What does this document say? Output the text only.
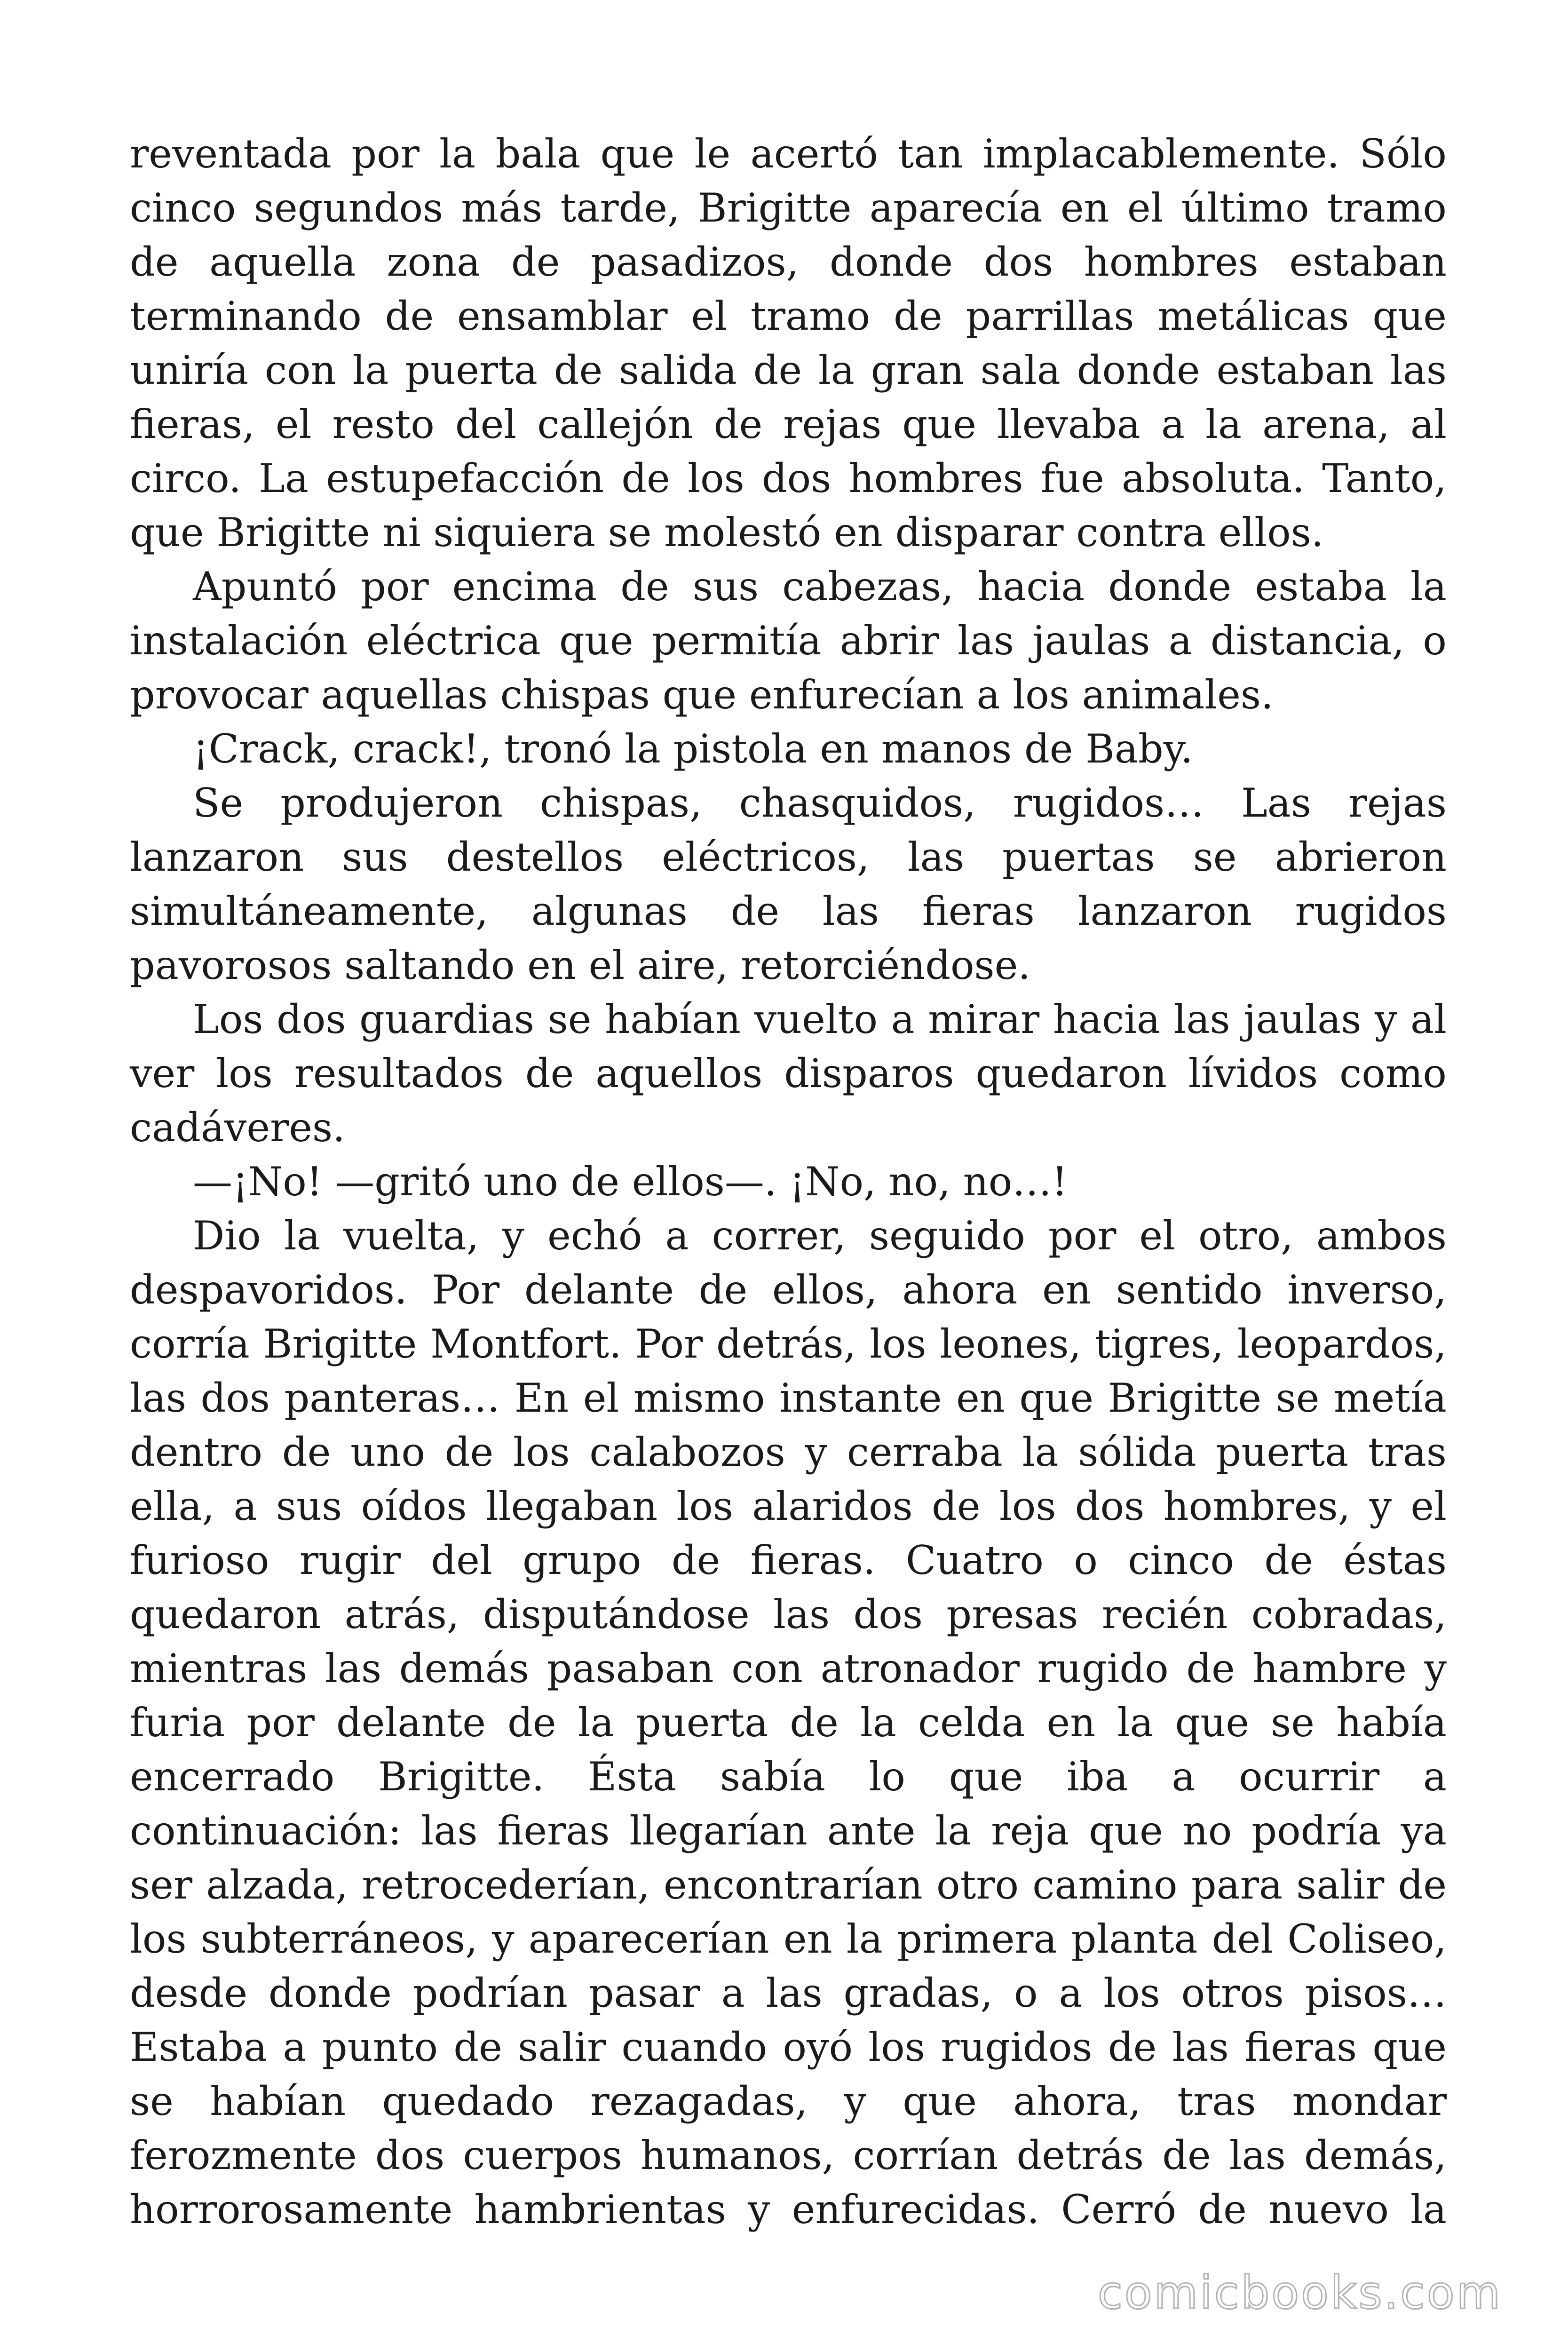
reventada por la bala que le acertó tan implacablemente. Sólo cinco segundos más tarde, Brigitte aparecía en el último tramo de aquella zona de pasadizos, donde dos hombres estaban terminando de ensamblar el tramo de parrillas metálicas que uniría con la puerta de salida de la gran sala donde estaban las fieras, el resto del callejón de rejas que llevaba a la arena, al circo. La estupefacción de los dos hombres fue absoluta. Tanto, que Brigitte ni siquiera se molestó en disparar contra ellos.

Apuntó por encima de sus cabezas, hacia donde estaba la instalación eléctrica que permitía abrir las jaulas a distancia, o provocar aquellas chispas que enfurecían a los animales.

¡Crack, crack!, tronó la pistola en manos de Baby.

Se produjeron chispas, chasquidos, rugidos… Las rejas lanzaron sus destellos eléctricos, las puertas se abrieron simultáneamente, algunas de las fieras lanzaron rugidos pavorosos saltando en el aire, retorciéndose.

Los dos guardias se habían vuelto a mirar hacia las jaulas y al ver los resultados de aquellos disparos quedaron lívidos como cadáveres.

—¡No! —gritó uno de ellos—. ¡No, no, no…!

Dio la vuelta, y echó a correr, seguido por el otro, ambos despavoridos. Por delante de ellos, ahora en sentido inverso, corría Brigitte Montfort. Por detrás, los leones, tigres, leopardos, las dos panteras… En el mismo instante en que Brigitte se metía dentro de uno de los calabozos y cerraba la sólida puerta tras ella, a sus oídos llegaban los alaridos de los dos hombres, y el furioso rugir del grupo de fieras. Cuatro o cinco de éstas quedaron atrás, disputándose las dos presas recién cobradas, mientras las demás pasaban con atronador rugido de hambre y furia por delante de la puerta de la celda en la que se había encerrado Brigitte. Ésta sabía lo que iba a ocurrir a continuación: las fieras llegarían ante la reja que no podría ya ser alzada, retrocederían, encontrarían otro camino para salir de los subterráneos, y aparecerían en la primera planta del Coliseo, desde donde podrían pasar a las gradas, o a los otros pisos… Estaba a punto de salir cuando oyó los rugidos de las fieras que se habían quedado rezagadas, y que ahora, tras mondar ferozmente dos cuerpos humanos, corrían detrás de las demás, horrorosamente hambrientas y enfurecidas. Cerró de nuevo la

comicbooks.com
